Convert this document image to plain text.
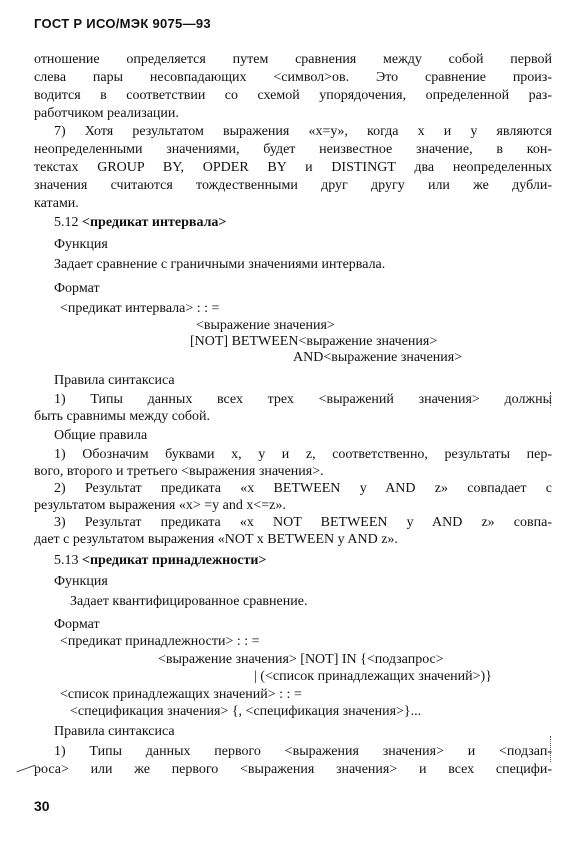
ГОСТ Р ИСО/МЭК 9075—93
отношение определяется путем сравнения между собой первой
слева пары несовпадающих <символ>ов. Это сравнение произ-
водится в соответствии со схемой упорядочения, определенной раз-
работчиком реализации.
7) Хотя результатом выражения «x=y», когда x и y являются
неопределенными значениями, будет неизвестное значение, в кон-
текстах GROUP BY, OPDER BY и DISTINGT два неопределенных
значения считаются тождественными друг другу или же дубли-
катами.
5.12 <предикат интервала>
Функция
Задает сравнение с граничными значениями интервала.
Формат
<предикат интервала> : : =
<выражение значения>
[NOT] BETWEEN<выражение значения>
AND<выражение значения>
Правила синтаксиса
1) Типы данных всех трех <выражений значения> должны
быть сравнимы между собой.
Общие правила
1) Обозначим буквами x, y и z, соответственно, результаты пер-
вого, второго и третьего <выражения значения>.
2) Результат предиката «x BETWEEN y AND z» совпадает с
результатом выражения «x> =y and x<=z».
3) Результат предиката «x NOT BETWEEN y AND z» совпа-
дает с результатом выражения «NOT x BETWEEN y AND z».
5.13 <предикат принадлежности>
Функция
Задает квантифицированное сравнение.
Формат
<предикат принадлежности> : : =
<выражение значения> [NOT] IN {<подзапрос>
| (<список принадлежащих значений>)}
<список принадлежащих значений> : : =
<спецификация значения> {, <спецификация значения>}...
Правила синтаксиса
1) Типы данных первого <выражения значения> и <подзап-
роса> или же первого <выражения значения> и всех специфи-
30
